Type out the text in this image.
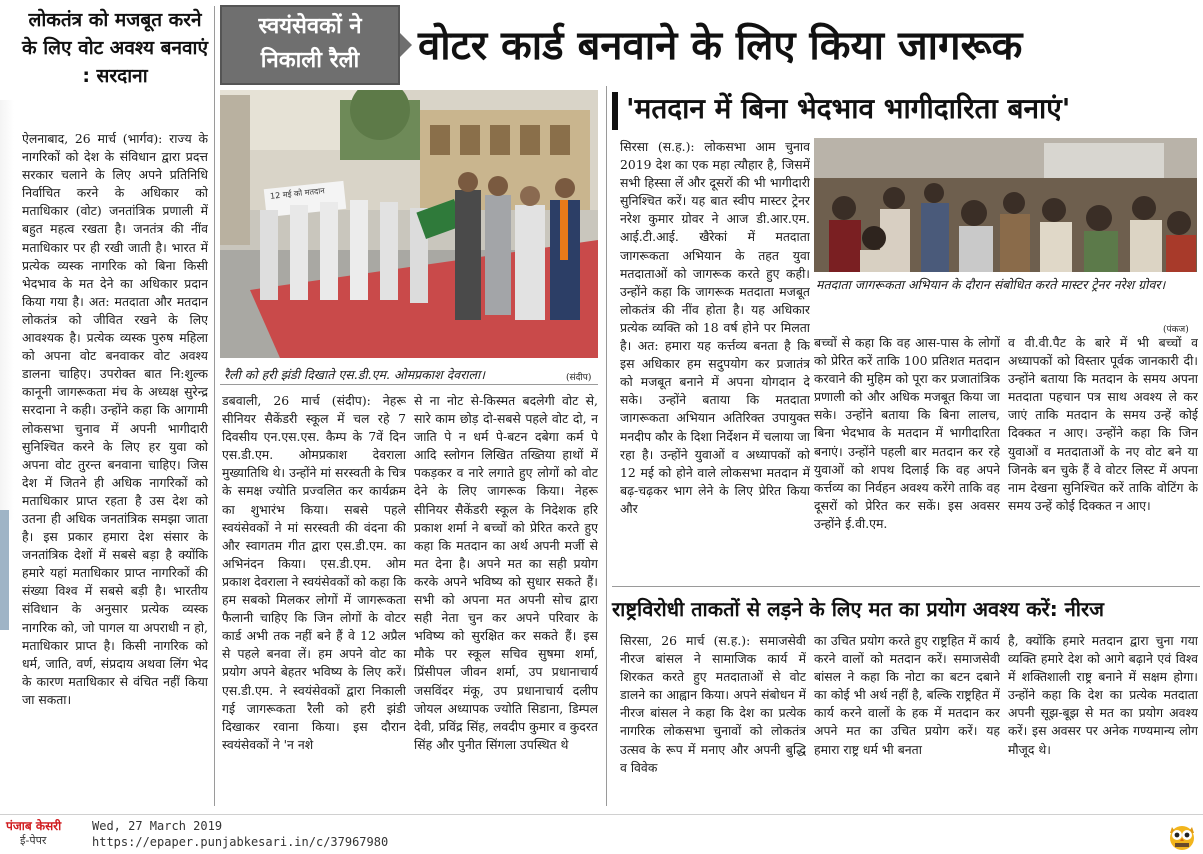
लोकतंत्र को मजबूत करने के लिए वोट अवश्य बनवाएं : सरदाना
ऐलनाबाद, 26 मार्च (भार्गव): राज्य के नागरिकों को देश के संविधान द्वारा प्रदत्त सरकार चलाने के लिए अपने प्रतिनिधि निर्वाचित करने के अधिकार को मताधिकार (वोट) जनतांत्रिक प्रणाली में बहुत महत्व रखता है। जनतंत्र की नींव मताधिकार पर ही रखी जाती है। भारत में प्रत्येक व्यस्क नागरिक को बिना किसी भेदभाव के मत देने का अधिकार प्रदान किया गया है। अत: मतदाता और मतदान लोकतंत्र को जीवित रखने के लिए आवश्यक है। प्रत्येक व्यस्क पुरुष महिला को अपना वोट बनवाकर वोट अवश्य डालना चाहिए। उपरोक्त बात नि:शुल्क कानूनी जागरूकता मंच के अध्यक्ष सुरेन्द्र सरदाना ने कही। उन्होंने कहा कि आगामी लोकसभा चुनाव में अपनी भागीदारी सुनिश्चित करने के लिए हर युवा को अपना वोट तुरन्त बनवाना चाहिए। जिस देश में जितने ही अधिक नागरिकों को मताधिकार प्राप्त रहता है उस देश को उतना ही अधिक जनतांत्रिक समझा जाता है। इस प्रकार हमारा देश संसार के जनतांत्रिक देशों में सबसे बड़ा है क्योंकि हमारे यहां मताधिकार प्राप्त नागरिकों की संख्या विश्व में सबसे बड़ी है। भारतीय संविधान के अनुसार प्रत्येक व्यस्क नागरिक को, जो पागल या अपराधी न हो, मताधिकार प्राप्त है। किसी नागरिक को धर्म, जाति, वर्ण, संप्रदाय अथवा लिंग भेद के कारण मताधिकार से वंचित नहीं किया जा सकता।
स्वयंसेवकों ने निकाली रैली	वोटर कार्ड बनवाने के लिए किया जागरूक
12 मई को मतदान
रैली को हरी झंडी दिखाते एस.डी.एम. ओमप्रकाश देवराला।	(संदीप)
डबवाली, 26 मार्च (संदीप): नेहरू सीनियर सैकेंडरी स्कूल में चल रहे 7 दिवसीय एन.एस.एस. कैम्प के 7वें दिन एस.डी.एम. ओमप्रकाश देवराला मुख्यातिथि थे। उन्होंने मां सरस्वती के चित्र के समक्ष ज्योति प्रज्वलित कर कार्यक्रम का शुभारंभ किया। सबसे पहले स्वयंसेवकों ने मां सरस्वती की वंदना की और स्वागतम गीत द्वारा एस.डी.एम. का अभिनंदन किया। एस.डी.एम. ओम प्रकाश देवराला ने स्वयंसेवकों को कहा कि हम सबको मिलकर लोगों में जागरूकता फैलानी चाहिए कि जिन लोगों के वोटर कार्ड अभी तक नहीं बने हैं वे 12 अप्रैल से पहले बनवा लें। हम अपने वोट का प्रयोग अपने बेहतर भविष्य के लिए करें। एस.डी.एम. ने स्वयंसेवकों द्वारा निकाली गई जागरूकता रैली को हरी झंडी दिखाकर रवाना किया। इस दौरान स्वयंसेवकों ने 'न नशे
से ना नोट से-किस्मत बदलेगी वोट से, सारे काम छोड़ दो-सबसे पहले वोट दो, न जाति पे न धर्म पे-बटन दबेगा कर्म पे आदि स्लोगन लिखित तख्तिया हाथों में पकड़कर व नारे लगाते हुए लोगों को वोट देने के लिए जागरूक किया। नेहरू सीनियर सैकेंडरी स्कूल के निदेशक हरि प्रकाश शर्मा ने बच्चों को प्रेरित करते हुए कहा कि मतदान का अर्थ अपनी मर्जी से मत देना है। अपने मत का सही प्रयोग करके अपने भविष्य को सुधार सकते हैं। सभी को अपना मत अपनी सोच द्वारा सही नेता चुन कर अपने परिवार के भविष्य को सुरक्षित कर सकते हैं। इस मौके पर स्कूल सचिव सुषमा शर्मा, प्रिंसीपल जीवन शर्मा, उप प्रधानाचार्य जसविंदर मंकू, उप प्रधानाचार्य दलीप जोयल अध्यापक ज्योति सिडाना, डिम्पल देवी, प्रविंद्र सिंह, लवदीप कुमार व कुदरत सिंह और पुनीत सिंगला उपस्थित थे
'मतदान में बिना भेदभाव भागीदारिता बनाएं'
सिरसा (स.ह.): लोकसभा आम चुनाव 2019 देश का एक महा त्यौहार है, जिसमें सभी हिस्सा लें और दूसरों की भी भागीदारी सुनिश्चित करें। यह बात स्वीप मास्टर ट्रेनर नरेश कुमार ग्रोवर ने आज डी.आर.एम. आई.टी.आई. खैरेकां में मतदाता जागरूकता अभियान के तहत युवा मतदाताओं को जागरूक करते हुए कही। उन्होंने कहा कि जागरूक मतदाता मजबूत लोकतंत्र की नींव होता है। यह अधिकार प्रत्येक व्यक्ति को 18 वर्ष होने पर मिलता है। अत: हमारा यह कर्त्तव्य बनता है कि इस अधिकार हम सदुपयोग कर प्रजातंत्र को मजबूत बनाने में अपना योगदान दे सके। उन्होंने बताया कि मतदाता जागरूकता अभियान अतिरिक्त उपायुक्त मनदीप कौर के दिशा निर्देशन में चलाया जा रहा है। उन्होंने युवाओं व अध्यापकों को 12 मई को होने वाले लोकसभा मतदान में बढ़-चढ़कर भाग लेने के लिए प्रेरित किया और
मतदाता जागरूकता अभियान के दौरान संबोधित करते मास्टर ट्रेनर नरेश ग्रोवर।
(पंकज)
बच्चों से कहा कि वह आस-पास के लोगों को प्रेरित करें ताकि 100 प्रतिशत मतदान करवाने की मुहिम को पूरा कर प्रजातांत्रिक प्रणाली को और अधिक मजबूत किया जा सके। उन्होंने बताया कि बिना लालच, बिना भेदभाव के मतदान में भागीदारिता बनाएं। उन्होंने पहली बार मतदान कर रहे युवाओं को शपथ दिलाई कि वह अपने कर्त्तव्य का निर्वहन अवश्य करेंगे ताकि वह दूसरों को प्रेरित कर सकें। इस अवसर उन्होंने ई.वी.एम.
व वी.वी.पैट के बारे में भी बच्चों व अध्यापकों को विस्तार पूर्वक जानकारी दी। उन्होंने बताया कि मतदान के समय अपना मतदाता पहचान पत्र साथ अवश्य ले कर जाएं ताकि मतदान के समय उन्हें कोई दिक्कत न आए। उन्होंने कहा कि जिन युवाओं व मतदाताओं के नए वोट बने या जिनके बन चुके हैं वे वोटर लिस्ट में अपना नाम देखना सुनिश्चित करें ताकि वोटिंग के समय उन्हें कोई दिक्कत न आए।
राष्ट्रविरोधी ताकतों से लड़ने के लिए मत का प्रयोग अवश्य करें: नीरज
सिरसा, 26 मार्च (स.ह.): समाजसेवी नीरज बांसल ने सामाजिक कार्य में शिरकत करते हुए मतदाताओं से वोट डालने का आह्वान किया। अपने संबोधन में नीरज बांसल ने कहा कि देश का प्रत्येक नागरिक लोकसभा चुनावों को लोकतंत्र उत्सव के रूप में मनाए और अपनी बुद्धि व विवेक
का उचित प्रयोग करते हुए राष्ट्रहित में कार्य करने वालों को मतदान करें। समाजसेवी बांसल ने कहा कि नोटा का बटन दबाने का कोई भी अर्थ नहीं है, बल्कि राष्ट्रहित में कार्य करने वालों के हक में मतदान कर अपने मत का उचित प्रयोग करें। यह हमारा राष्ट्र धर्म भी बनता
है, क्योंकि हमारे मतदान द्वारा चुना गया व्यक्ति हमारे देश को आगे बढ़ाने एवं विश्व में शक्तिशाली राष्ट्र बनाने में सक्षम होगा। उन्होंने कहा कि देश का प्रत्येक मतदाता अपनी सूझ-बूझ से मत का प्रयोग अवश्य करें। इस अवसर पर अनेक गण्यमान्य लोग मौजूद थे।
पंजाब केसरी
ई-पेपर
Wed, 27 March 2019
https://epaper.punjabkesari.in/c/37967980
